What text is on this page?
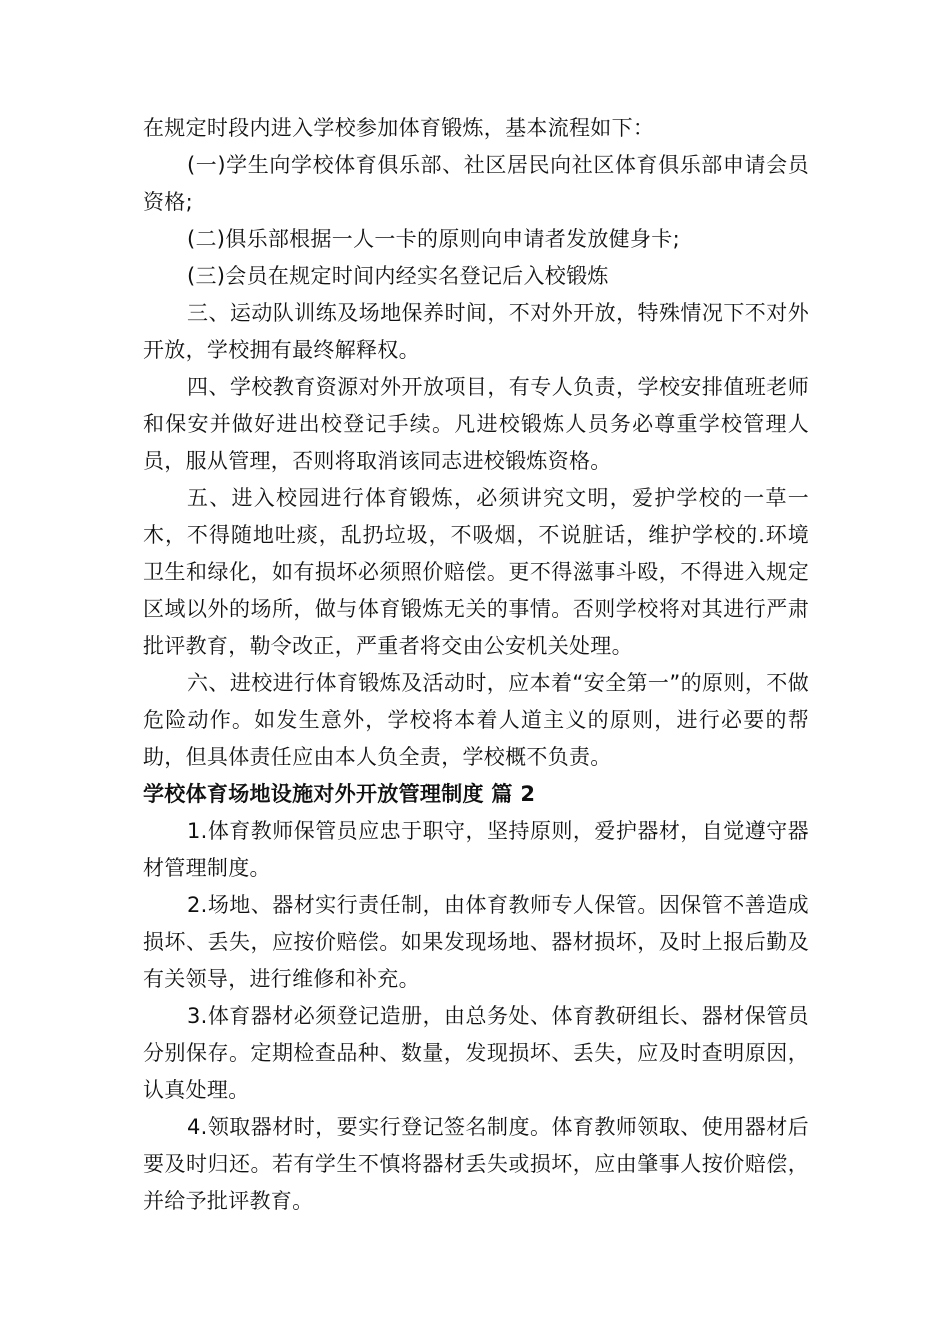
在规定时段内进入学校参加体育锻炼，基本流程如下：

(一)学生向学校体育俱乐部、社区居民向社区体育俱乐部申请会员资格;

(二)俱乐部根据一人一卡的原则向申请者发放健身卡;

(三)会员在规定时间内经实名登记后入校锻炼

三、运动队训练及场地保养时间，不对外开放，特殊情况下不对外开放，学校拥有最终解释权。

四、学校教育资源对外开放项目，有专人负责，学校安排值班老师和保安并做好进出校登记手续。凡进校锻炼人员务必尊重学校管理人员，服从管理，否则将取消该同志进校锻炼资格。

五、进入校园进行体育锻炼，必须讲究文明，爱护学校的一草一木，不得随地吐痰，乱扔垃圾，不吸烟，不说脏话，维护学校的.环境卫生和绿化，如有损坏必须照价赔偿。更不得滋事斗殴，不得进入规定区域以外的场所，做与体育锻炼无关的事情。否则学校将对其进行严肃批评教育，勒令改正，严重者将交由公安机关处理。

六、进校进行体育锻炼及活动时，应本着“安全第一”的原则，不做危险动作。如发生意外，学校将本着人道主义的原则，进行必要的帮助，但具体责任应由本人负全责，学校概不负责。

学校体育场地设施对外开放管理制度 篇 2

1.体育教师保管员应忠于职守，坚持原则，爱护器材，自觉遵守器材管理制度。

2.场地、器材实行责任制，由体育教师专人保管。因保管不善造成损坏、丢失，应按价赔偿。如果发现场地、器材损坏，及时上报后勤及有关领导，进行维修和补充。

3.体育器材必须登记造册，由总务处、体育教研组长、器材保管员分别保存。定期检查品种、数量，发现损坏、丢失，应及时查明原因，认真处理。

4.领取器材时，要实行登记签名制度。体育教师领取、使用器材后要及时归还。若有学生不慎将器材丢失或损坏，应由肇事人按价赔偿，并给予批评教育。
